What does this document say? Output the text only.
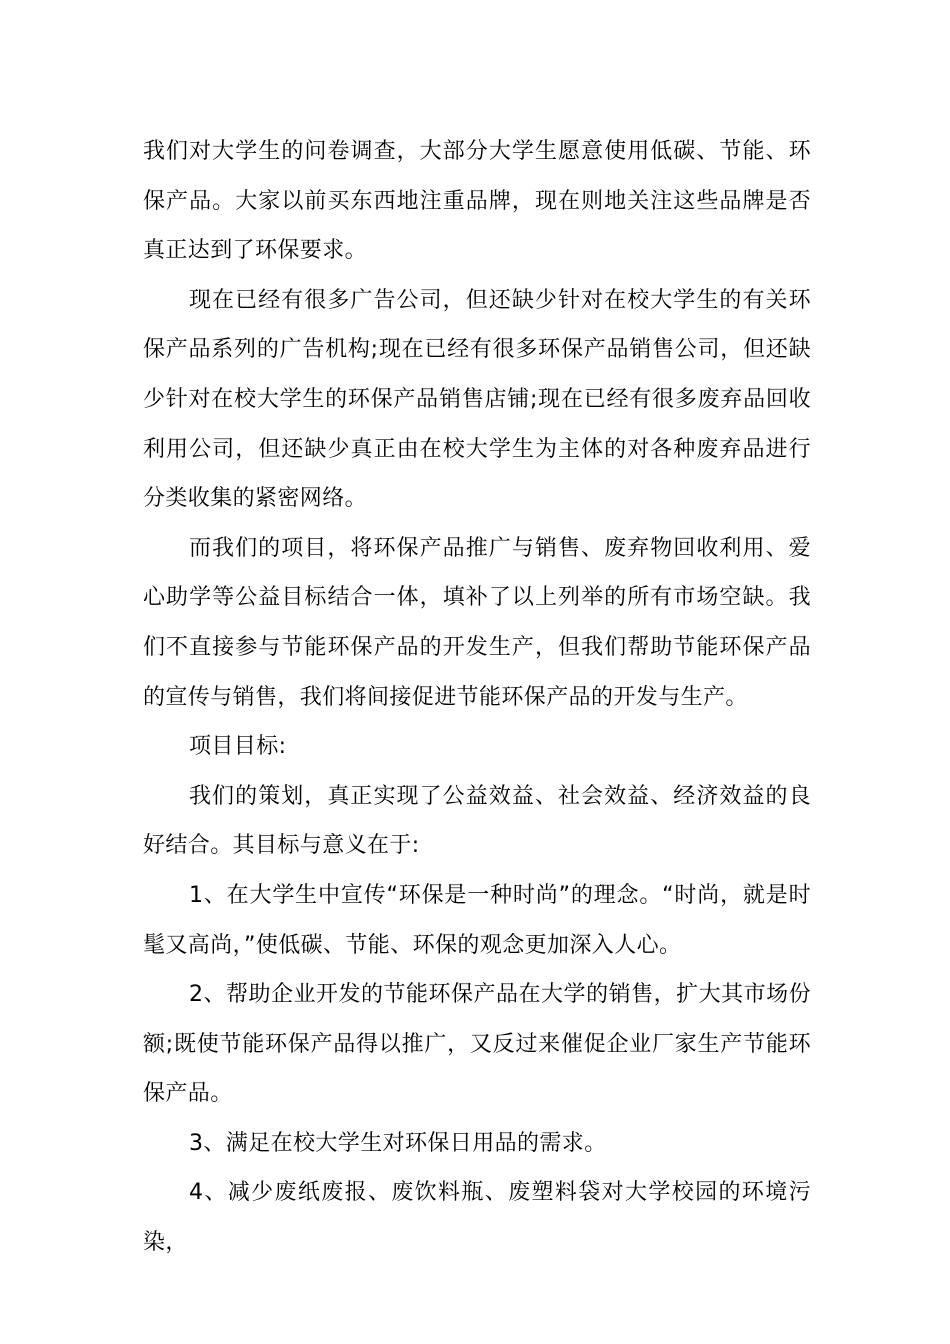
我们对大学生的问卷调查，大部分大学生愿意使用低碳、节能、环保产品。大家以前买东西地注重品牌，现在则地关注这些品牌是否真正达到了环保要求。

现在已经有很多广告公司，但还缺少针对在校大学生的有关环保产品系列的广告机构;现在已经有很多环保产品销售公司，但还缺少针对在校大学生的环保产品销售店铺;现在已经有很多废弃品回收利用公司，但还缺少真正由在校大学生为主体的对各种废弃品进行分类收集的紧密网络。

而我们的项目，将环保产品推广与销售、废弃物回收利用、爱心助学等公益目标结合一体，填补了以上列举的所有市场空缺。我们不直接参与节能环保产品的开发生产，但我们帮助节能环保产品的宣传与销售，我们将间接促进节能环保产品的开发与生产。

项目目标:

我们的策划，真正实现了公益效益、社会效益、经济效益的良好结合。其目标与意义在于:

1、在大学生中宣传“环保是一种时尚”的理念。“时尚，就是时髦又高尚，”使低碳、节能、环保的观念更加深入人心。

2、帮助企业开发的节能环保产品在大学的销售，扩大其市场份额;既使节能环保产品得以推广，又反过来催促企业厂家生产节能环保产品。

3、满足在校大学生对环保日用品的需求。

4、减少废纸废报、废饮料瓶、废塑料袋对大学校园的环境污染，
